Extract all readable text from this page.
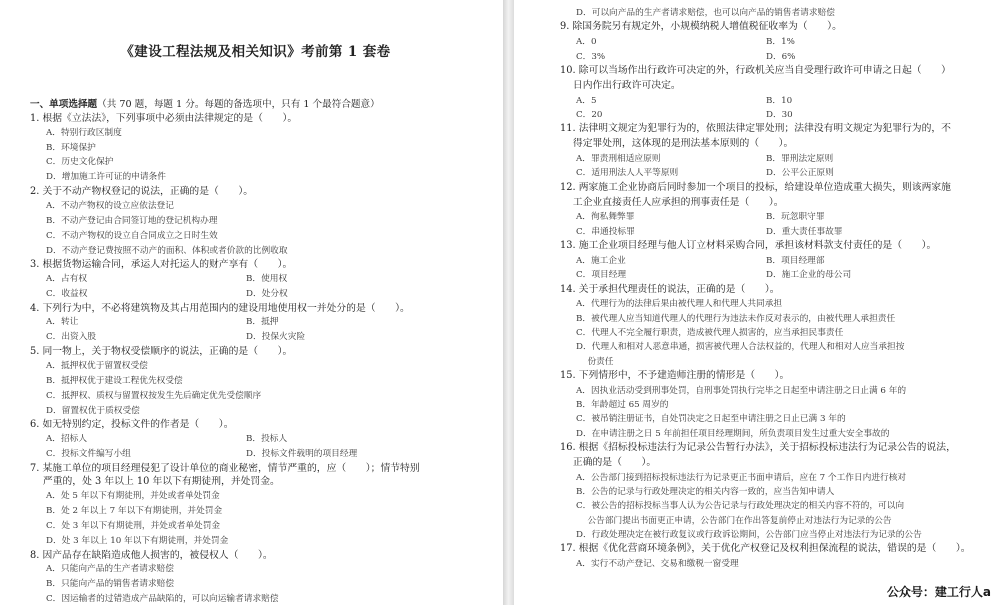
《建设工程法规及相关知识》考前第 1 套卷
一、单项选择题（共 70 题，每题 1 分。每题的备选项中，只有 1 个最符合题意）
1. 根据《立法法》，下列事项中必须由法律规定的是（　　）。
A．特别行政区制度
B．环境保护
C．历史文化保护
D．增加施工许可证的申请条件
2. 关于不动产物权登记的说法，正确的是（　　）。
A．不动产物权的设立应依法登记
B．不动产登记由合同签订地的登记机构办理
C．不动产物权的设立自合同成立之日时生效
D．不动产登记费按照不动产的面积、体积或者价款的比例收取
3. 根据货物运输合同，承运人对托运人的财产享有（　　）。
A．占有权	B．使用权
C．收益权	D．处分权
4. 下列行为中，不必将建筑物及其占用范围内的建设用地使用权一并处分的是（　　）。
A．转让	B．抵押
C．出资入股	D．投保火灾险
5. 同一物上，关于物权受偿顺序的说法，正确的是（　　）。
A．抵押权优于留置权受偿
B．抵押权优于建设工程优先权受偿
C．抵押权、质权与留置权按发生先后确定优先受偿顺序
D．留置权优于质权受偿
6. 如无特别约定，投标文件的作者是（　　）。
A．招标人	B．投标人
C．投标文件编写小组	D．投标文件载明的项目经理
7. 某施工单位的项目经理侵犯了设计单位的商业秘密，情节严重的，应（　　）；情节特别
　 严重的，处 3 年以上 10 年以下有期徒刑，并处罚金。
A．处 5 年以下有期徒刑，并处或者单处罚金
B．处 2 年以上 7 年以下有期徒刑，并处罚金
C．处 3 年以下有期徒刑，并处或者单处罚金
D．处 3 年以上 10 年以下有期徒刑，并处罚金
8. 因产品存在缺陷造成他人损害的，被侵权人（　　）。
A．只能向产品的生产者请求赔偿
B．只能向产品的销售者请求赔偿
C．因运输者的过错造成产品缺陷的，可以向运输者请求赔偿
D．可以向产品的生产者请求赔偿，也可以向产品的销售者请求赔偿
9. 除国务院另有规定外，小规模纳税人增值税征收率为（　　）。
A．0	B．1%
C．3%	D．6%
10. 除可以当场作出行政许可决定的外，行政机关应当自受理行政许可申请之日起（　　）
　 日内作出行政许可决定。
A．5	B．10
C．20	D．30
11. 法律明文规定为犯罪行为的，依照法律定罪处刑；法律没有明文规定为犯罪行为的，不
　 得定罪处刑，这体现的是刑法基本原则的（　　）。
A．罪责刑相适应原则	B．罪刑法定原则
C．适用刑法人人平等原则	D．公平公正原则
12. 两家施工企业协商后同时参加一个项目的投标，给建设单位造成重大损失，则该两家施
　 工企业直接责任人应承担的刑事责任是（　　）。
A．徇私舞弊罪	B．玩忽职守罪
C．串通投标罪	D．重大责任事故罪
13. 施工企业项目经理与他人订立材料采购合同，承担该材料款支付责任的是（　　）。
A．施工企业	B．项目经理部
C．项目经理	D．施工企业的母公司
14. 关于承担代理责任的说法，正确的是（　　）。
A．代理行为的法律后果由被代理人和代理人共同承担
B．被代理人应当知道代理人的代理行为违法未作反对表示的，由被代理人承担责任
C．代理人不完全履行职责，造成被代理人损害的，应当承担民事责任
D．代理人和相对人恶意串通，损害被代理人合法权益的，代理人和相对人应当承担按
　 份责任
15. 下列情形中，不予建造师注册的情形是（　　）。
A．因执业活动受到刑事处罚，自刑事处罚执行完毕之日起至申请注册之日止满 6 年的
B．年龄超过 65 周岁的
C．被吊销注册证书，自处罚决定之日起至申请注册之日止已满 3 年的
D．在申请注册之日 5 年前担任项目经理期间，所负责项目发生过重大安全事故的
16. 根据《招标投标违法行为记录公告暂行办法》，关于招标投标违法行为记录公告的说法，
　 正确的是（　　）。
A．公告部门接到招标投标违法行为记录更正书面申请后，应在 7 个工作日内进行核对
B．公告的记录与行政处理决定的相关内容一致的，应当告知申请人
C．被公告的招标投标当事人认为公告记录与行政处理决定的相关内容不符的，可以向
　 公告部门提出书面更正申请，公告部门在作出答复前停止对违法行为记录的公告
D．行政处理决定在被行政复议或行政诉讼期间，公告部门应当停止对违法行为记录的公告
17. 根据《优化营商环境条例》，关于优化产权登记及权利担保流程的说法，错误的是（　　）。
A．实行不动产登记、交易和缴税一窗受理
公众号：建工行人a
